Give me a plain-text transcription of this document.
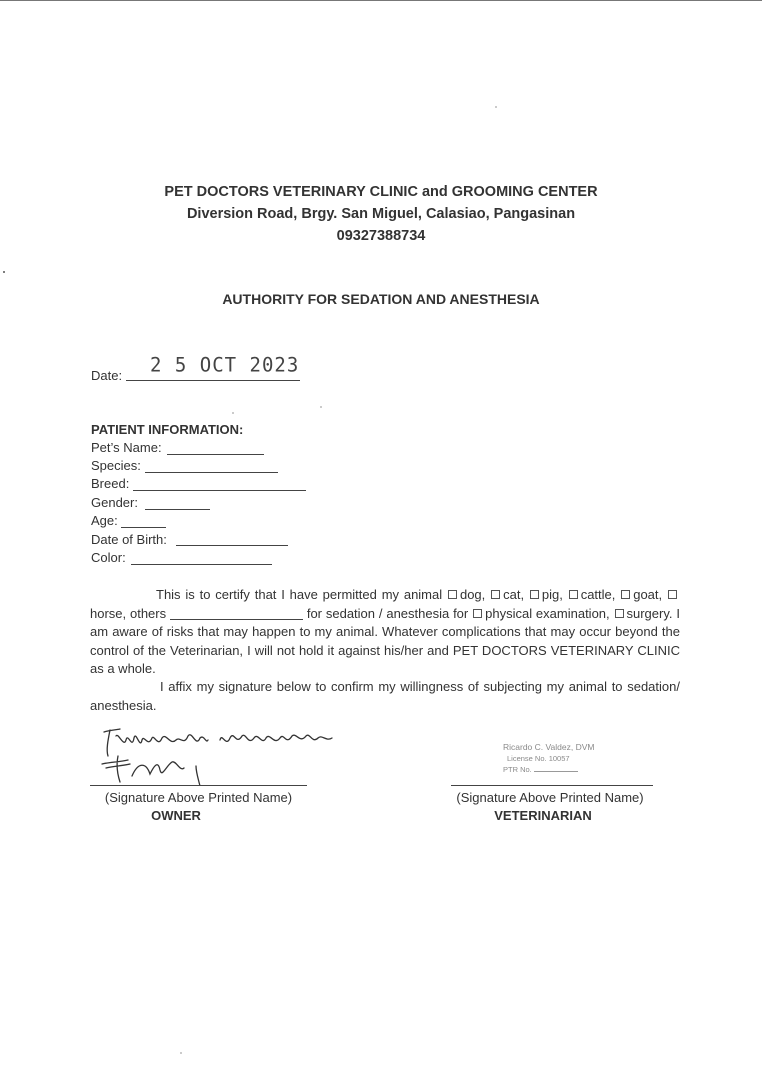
PET DOCTORS VETERINARY CLINIC and GROOMING CENTER
Diversion Road, Brgy. San Miguel, Calasiao, Pangasinan
09327388734
AUTHORITY FOR SEDATION AND ANESTHESIA
Date: 2 5 OCT 2023
PATIENT INFORMATION:
Pet’s Name:
Species:
Breed:
Gender:
Age:
Date of Birth:
Color:
This is to certify that I have permitted my animal dog, cat, pig, cattle, goat, horse, others	for sedation / anesthesia for physical examination, surgery. I am aware of risks that may happen to my animal. Whatever complications that may occur beyond the control of the Veterinarian, I will not hold it against his/her and PET DOCTORS VETERINARY CLINIC as a whole.
I affix my signature below to confirm my willingness of subjecting my animal to sedation/ anesthesia.
(Signature Above Printed Name)
OWNER
Ricardo C. Valdez, DVM
License No. 10057
PTR No.
(Signature Above Printed Name)
VETERINARIAN
